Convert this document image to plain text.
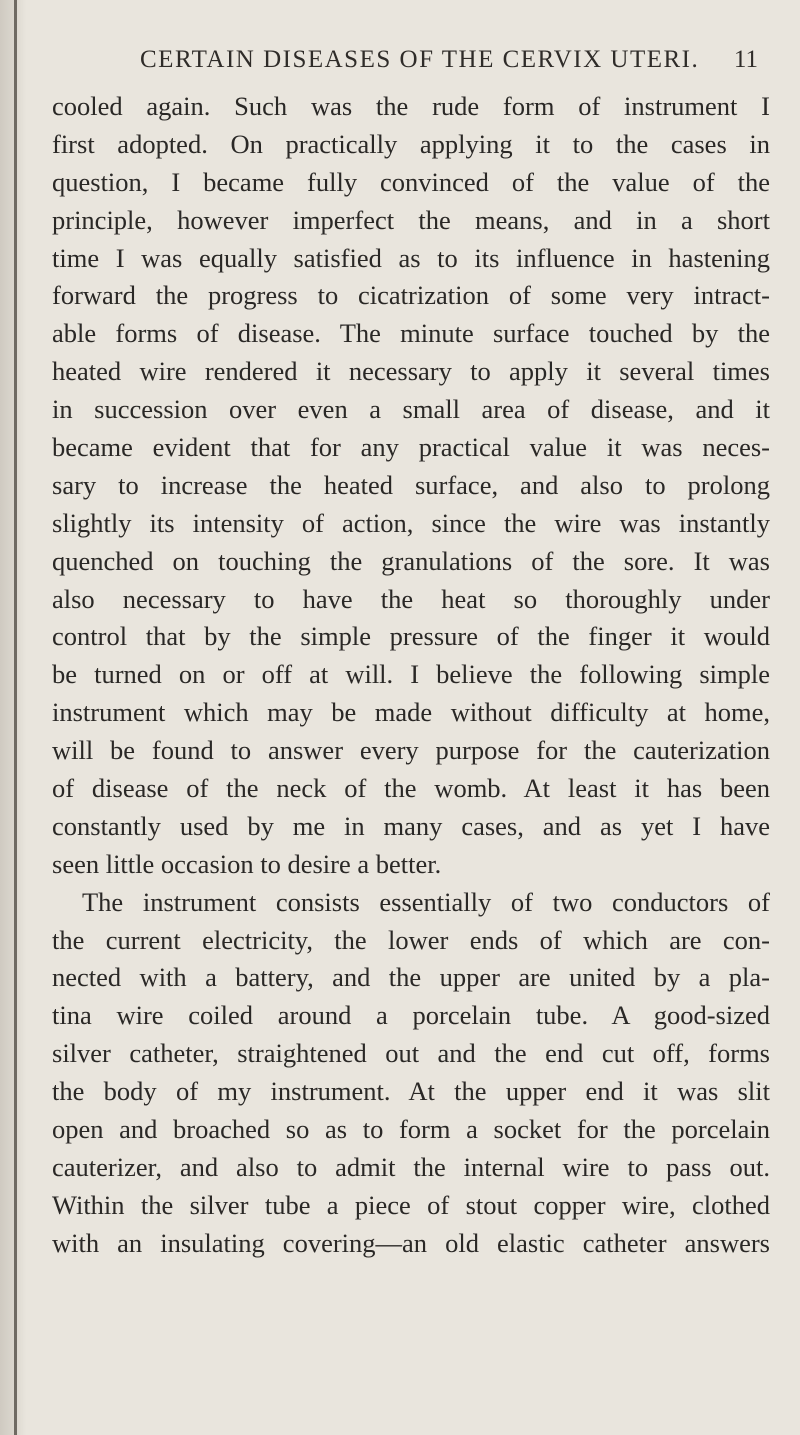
CERTAIN DISEASES OF THE CERVIX UTERI. 11
cooled again. Such was the rude form of instrument I
first adopted. On practically applying it to the cases in
question, I became fully convinced of the value of the
principle, however imperfect the means, and in a short
time I was equally satisfied as to its influence in hastening
forward the progress to cicatrization of some very intract-
able forms of disease. The minute surface touched by the
heated wire rendered it necessary to apply it several times
in succession over even a small area of disease, and it
became evident that for any practical value it was neces-
sary to increase the heated surface, and also to prolong
slightly its intensity of action, since the wire was instantly
quenched on touching the granulations of the sore. It was
also necessary to have the heat so thoroughly under
control that by the simple pressure of the finger it would
be turned on or off at will. I believe the following simple
instrument which may be made without difficulty at home,
will be found to answer every purpose for the cauterization
of disease of the neck of the womb. At least it has been
constantly used by me in many cases, and as yet I have
seen little occasion to desire a better.
The instrument consists essentially of two conductors of
the current electricity, the lower ends of which are con-
nected with a battery, and the upper are united by a pla-
tina wire coiled around a porcelain tube. A good-sized
silver catheter, straightened out and the end cut off, forms
the body of my instrument. At the upper end it was slit
open and broached so as to form a socket for the porcelain
cauterizer, and also to admit the internal wire to pass out.
Within the silver tube a piece of stout copper wire, clothed
with an insulating covering—an old elastic catheter answers
